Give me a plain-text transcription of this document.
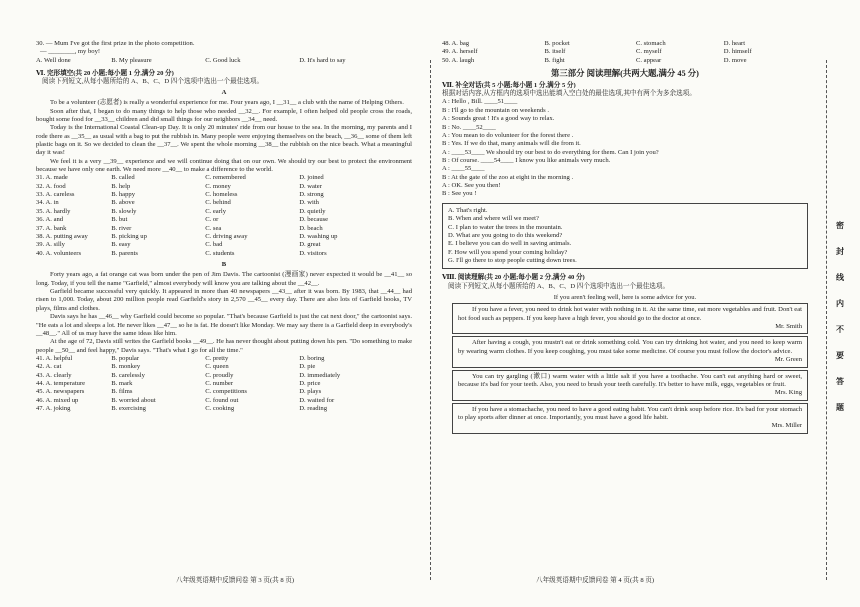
30. — Mum I've got the first prize in the photo competition.
— ________, my boy!
A. Well done	B. My pleasure	C. Good luck	D. It's hard to say
Ⅵ. 完形填空(共 20 小题;每小题 1 分,满分 20 分)
阅读下列短文,从每小题所给的 A、B、C、D 四个选项中选出一个最佳选项。
A

To be a volunteer (志愿者) is really a wonderful experience for me. Four years ago, I __31__ a club with the name of Helping Others.

Soon after that, I began to do many things to help those who needed __32__. For example, I often helped old people cross the roads, bought some food for __33__ children and did small things for our neighbors __34__ need.

Today is the International Coastal Clean-up Day. It is only 20 minutes' ride from our house to the sea. In the morning, my parents and I rode there as __35__ as usual with a bag to put the rubbish in. Many people were enjoying themselves on the beach, __36__ some of them left plastic bags on it. So we decided to clean the __37__. We spent the whole morning __38__ the rubbish on the nice beach. What a meaningful day it was!

We feel it is a very __39__ experience and we will continue doing that on our own. We should try our best to protect the environment because we have only one earth. We need more __40__ to make a difference to the world.

31. A. made	B. called	C. remembered	D. joined
32. A. food	B. help	C. money	D. water
33. A. careless	B. happy	C. homeless	D. strong
34. A. in	B. above	C. behind	D. with
35. A. hardly	B. slowly	C. early	D. quietly
36. A. and	B. but	C. or	D. because
37. A. bank	B. river	C. sea	D. beach
38. A. putting away	B. picking up	C. driving away	D. washing up
39. A. silly	B. easy	C. bad	D. great
40. A. volunteers	B. parents	C. students	D. visitors
B

Forty years ago, a fat orange cat was born under the pen of Jim Davis. The cartoonist (漫画家) never expected it would be __41__ so long. Today, if you tell the name "Garfield," almost everybody will know you are talking about the __42__.

Garfield became successful very quickly. It appeared in more than 40 newspapers __43__ after it was born. By 1983, that __44__ had risen to 1,000. Today, about 200 million people read Garfield's story in 2,570 __45__ every day. There are also lots of Garfield books, TV plays, films and clothes.

Davis says he has __46__ why Garfield could become so popular. "That's because Garfield is just the cat next door," the cartoonist says. "He eats a lot and sleeps a lot. He never likes __47__ so he is fat. He doesn't like Monday. We may say there is a Garfield deep in everybody's __48__." All of us may have the same ideas like him.

At the age of 72, Davis still writes the Garfield books __49__. He has never thought about putting down his pen. "Do something to make people __50__ and feel happy," Davis says. "That's what I go for all the time."

41. A. helpful	B. popular	C. pretty	D. boring
42. A. cat	B. monkey	C. queen	D. pie
43. A. clearly	B. carelessly	C. proudly	D. immediately
44. A. temperature	B. mark	C. number	D. price
45. A. newspapers	B. films	C. competitions	D. plays
46. A. mixed up	B. worried about	C. found out	D. waited for
47. A. joking	B. exercising	C. cooking	D. reading
八年级英语期中反馈问卷 第 3 页(共 8 页)
48. A. bag	B. pocket	C. stomach	D. heart
49. A. herself	B. itself	C. myself	D. himself
50. A. laugh	B. fight	C. appear	D. move
第三部分 阅读理解(共两大题,满分 45 分)
Ⅶ. 补全对话(共 5 小题;每小题 1 分,满分 5 分)
根据对话内容,从方框内的选项中选出能填入空白处的最佳选项,其中有两个为多余选项。
A : Hello , Bill. ____51____
B : I'll go to the mountain on weekends .
A : Sounds great ! It's a good way to relax.
B : No. ____52____
A : You mean to do volunteer for the forest there .
B : Yes. If we do that, many animals will die from it.
A : ____53____ We should try our best to do everything for them. Can I join you?
B : Of course. ____54____ I know you like animals very much.
A : ____55____
B : At the gate of the zoo at eight in the morning .
A : OK. See you then!
B : See you !
A. That's right.
B. When and where will we meet?
C. I plan to water the trees in the mountain.
D. What are you going to do this weekend?
E. I believe you can do well in saving animals.
F. How will you spend your coming holiday?
G. I'll go there to stop people cutting down trees.
Ⅷ. 阅读理解(共 20 小题;每小题 2 分,满分 40 分)
阅读下列短文,从每小题所给的 A、B、C、D 四个选项中选出一个最佳选项。
If you aren't feeling well, here is some advice for you.

If you have a fever, you need to drink hot water with nothing in it. At the same time, eat more vegetables and fruit. Don't eat hot food such as peppers. If you keep have a high fever, you should go to the doctor at once.

Mr. Smith

After having a cough, you mustn't eat or drink something cold. You can try drinking hot water, and you need to keep warm by wearing warm clothes. If you keep coughing, you must take some medicine. Of course you must follow the doctor's advice.

Mr. Green

You can try gargling (漱口) warm water with a little salt if you have a toothache. You can't eat anything hard or sweet, because it's bad for your teeth. Also, you need to brush your teeth carefully. It's better to have milk, eggs, vegetables or fruit.

Mrs. King

If you have a stomachache, you need to have a good eating habit. You can't drink soup before rice. It's bad for your stomach to play sports after dinner at once. Importantly, you must have a good life habit.

Mrs. Miller
八年级英语期中反馈问卷 第 4 页(共 8 页)
密
封
线
内
不
要
答
题
